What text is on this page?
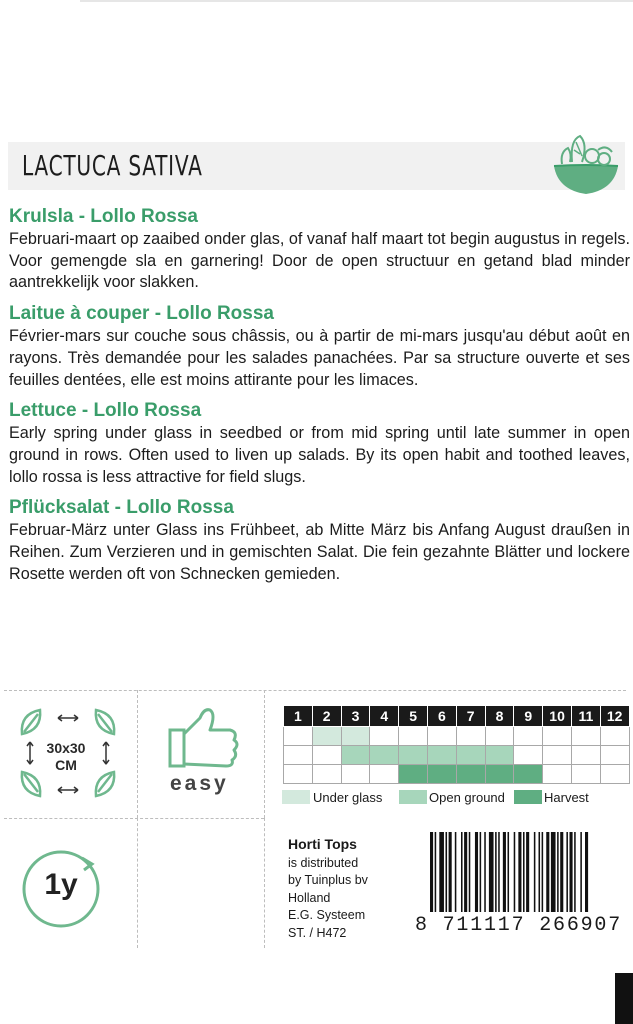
LACTUCA SATIVA
Krulsla - Lollo Rossa

Februari-maart op zaaibed onder glas, of vanaf half maart tot begin augustus in regels. Voor gemengde sla en garnering! Door de open structuur en getand blad minder aantrekkelijk voor slakken.

Laitue à couper - Lollo Rossa

Février-mars sur couche sous châssis, ou à partir de mi-mars jusqu'au début août en rayons. Très demandée pour les salades panachées. Par sa structure ouverte et ses feuilles dentées, elle est moins attirante pour les limaces.

Lettuce - Lollo Rossa

Early spring under glass in seedbed or from mid spring until late summer in open ground in rows. Often used to liven up salads. By its open habit and toothed leaves, lollo rossa is less attractive for field slugs.

Pflücksalat - Lollo Rossa

Februar-März unter Glass ins Frühbeet, ab Mitte März bis Anfang August draußen in Reihen. Zum Verzieren und in gemischten Salat. Die fein gezahnte Blätter und lockere Rosette werden oft von Schnecken gemieden.

30x30
CM
easy
1	2	3	4	5	6	7	8	9	10	11	12

Under glass	Open ground	Harvest
1y
Horti Tops
is distributed
by Tuinplus bv
Holland
E.G. Systeem
ST. / H472	8 711117 266907
